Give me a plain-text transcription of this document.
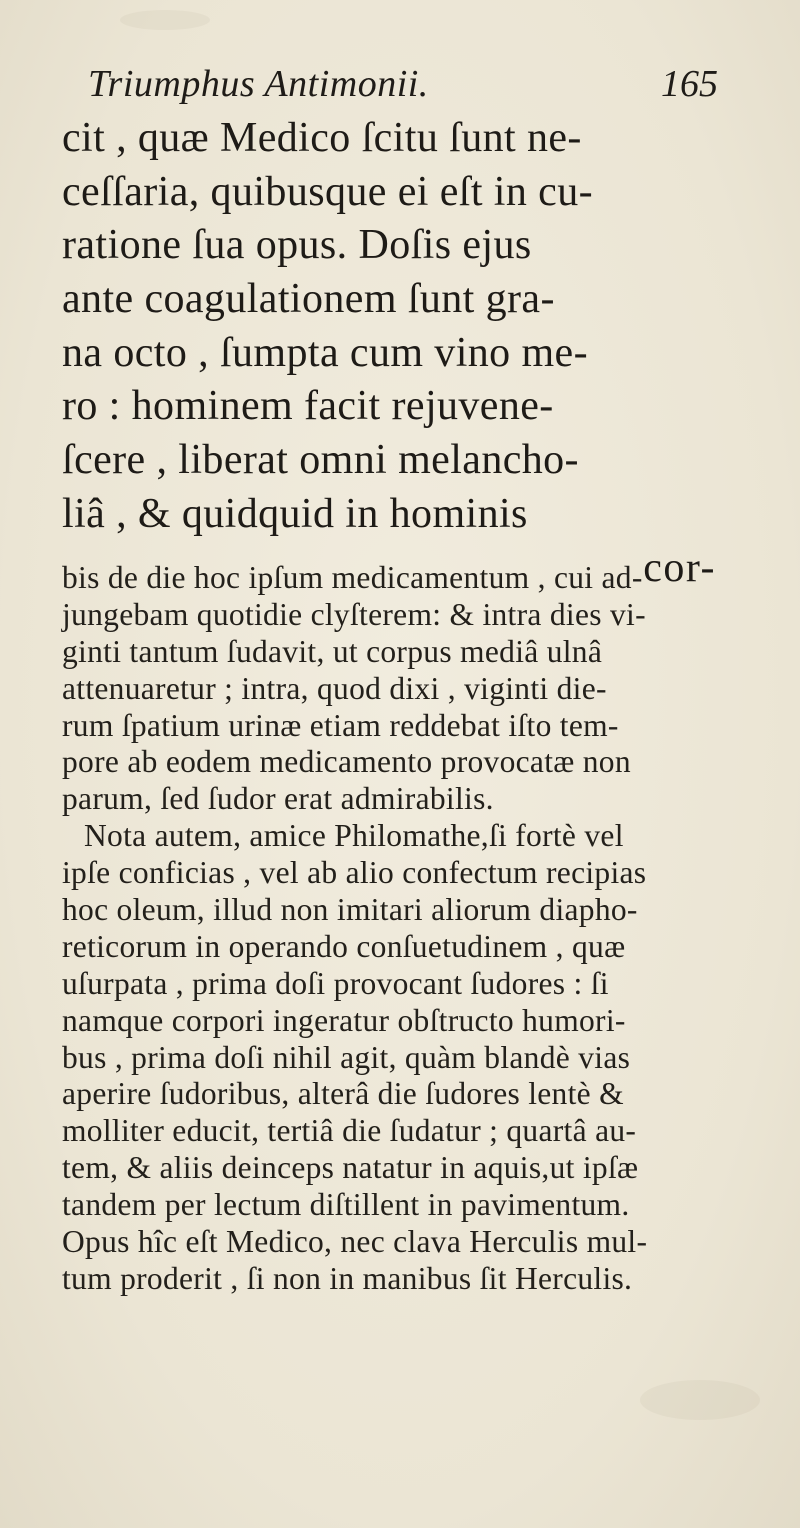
Triumphus Antimonii.	165
cit , quæ Medico ſcitu ſunt ne-
ceſſaria, quibusque ei eſt in cu-
ratione ſua opus. Doſis ejus
ante coagulationem ſunt gra-
na octo , ſumpta cum vino me-
ro : hominem facit rejuvene-
ſcere , liberat omni melancho-
liâ , & quidquid in hominis
cor-
bis de die hoc ipſum medicamentum , cui ad-
jungebam quotidie clyſterem: & intra dies vi-
ginti tantum ſudavit, ut corpus mediâ ulnâ
attenuaretur ; intra, quod dixi , viginti die-
rum ſpatium urinæ etiam reddebat iſto tem-
pore ab eodem medicamento provocatæ non
parum, ſed ſudor erat admirabilis.
Nota autem, amice Philomathe,ſi fortè vel
ipſe conficias , vel ab alio confectum recipias
hoc oleum, illud non imitari aliorum diapho-
reticorum in operando conſuetudinem , quæ
uſurpata , prima doſi provocant ſudores : ſi
namque corpori ingeratur obſtructo humori-
bus , prima doſi nihil agit, quàm blandè vias
aperire ſudoribus, alterâ die ſudores lentè &
molliter educit, tertiâ die ſudatur ; quartâ au-
tem, & aliis deinceps natatur in aquis,ut ipſæ
tandem per lectum diſtillent in pavimentum.
Opus hîc eſt Medico, nec clava Herculis mul-
tum proderit , ſi non in manibus ſit Herculis.
